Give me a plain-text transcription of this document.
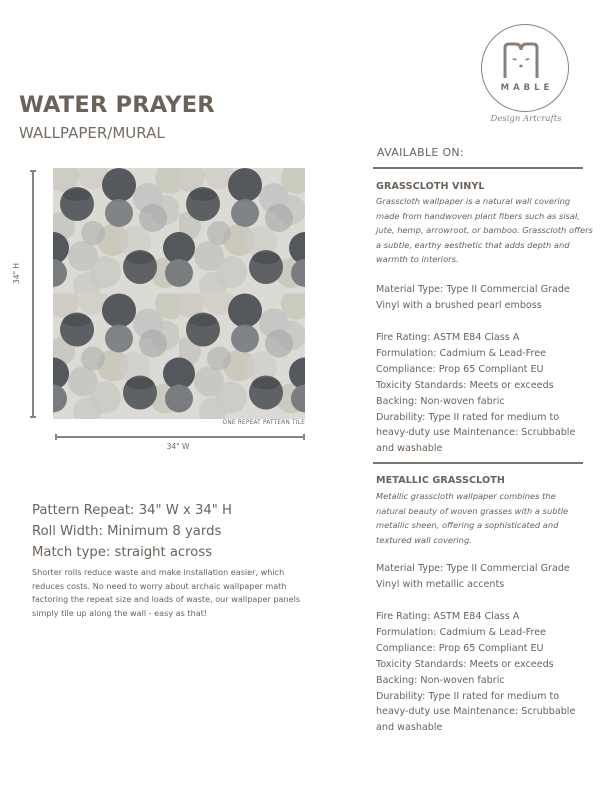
MABLE
Design Artcrafts
WATER PRAYER
WALLPAPER/MURAL
34" H
ONE REPEAT PATTERN TILE
34" W
Pattern Repeat: 34" W x 34" H
Roll Width: Minimum 8 yards
Match type: straight across
Shorter rolls reduce waste and make installation easier, which
reduces costs. No need to worry about archaic wallpaper math
factoring the repeat size and loads of waste, our wallpaper panels
simply tile up along the wall - easy as that!
AVAILABLE ON:
GRASSCLOTH VINYL
Grasscloth wallpaper is a natural wall covering
made from handwoven plant fibers such as sisal,
jute, hemp, arrowroot, or bamboo. Grasscloth offers
a subtle, earthy aesthetic that adds depth and
warmth to interiors.
Material Type: Type II Commercial Grade
Vinyl with a brushed pearl emboss
Fire Rating: ASTM E84 Class A
Formulation: Cadmium & Lead-Free
Compliance: Prop 65 Compliant EU
Toxicity Standards: Meets or exceeds
Backing: Non-woven fabric
Durability: Type II rated for medium to
heavy-duty use Maintenance: Scrubbable
and washable
METALLIC GRASSCLOTH
Metallic grasscloth wallpaper combines the
natural beauty of woven grasses with a subtle
metallic sheen, offering a sophisticated and
textured wall covering.
Material Type: Type II Commercial Grade
Vinyl with metallic accents
Fire Rating: ASTM E84 Class A
Formulation: Cadmium & Lead-Free
Compliance: Prop 65 Compliant EU
Toxicity Standards: Meets or exceeds
Backing: Non-woven fabric
Durability: Type II rated for medium to
heavy-duty use Maintenance: Scrubbable
and washable
